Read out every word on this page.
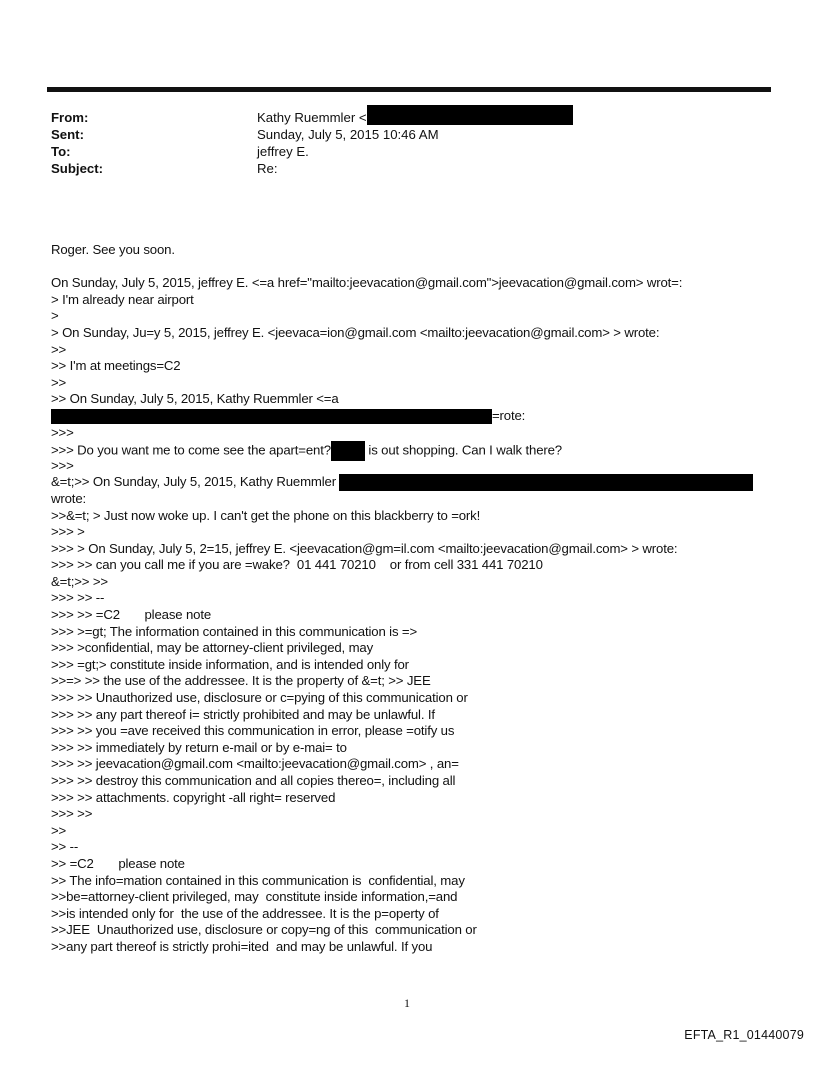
From:	Kathy Ruemmler <
Sent:	Sunday, July 5, 2015 10:46 AM
To:	jeffrey E.
Subject:	Re:
Roger. See you soon.
On Sunday, July 5, 2015, jeffrey E. <=a href="mailto:jeevacation@gmail.com">jeevacation@gmail.com> wrot=:
> I'm already near airport
>
> On Sunday, Ju=y 5, 2015, jeffrey E. <jeevaca=ion@gmail.com <mailto:jeevacation@gmail.com> > wrote:
>>
>> I'm at meetings=C2
>>
>> On Sunday, July 5, 2015, Kathy Ruemmler <=a
=rote:
>>>
>>> Do you want me to come see the apart=ent?	is out shopping. Can I walk there?
>>>
&=t;>> On Sunday, July 5, 2015, Kathy Ruemmler
wrote:
>>&=t; > Just now woke up. I can't get the phone on this blackberry to =ork!
>>> >
>>> > On Sunday, July 5, 2=15, jeffrey E. <jeevacation@gm=il.com <mailto:jeevacation@gmail.com> > wrote:
>>> >> can you call me if you are =wake?  01 441 70210    or from cell 331 441 70210
&=t;>> >>
>>> >> --
>>> >> =C2       please note
>>> >=gt; The information contained in this communication is =>
>>> >confidential, may be attorney-client privileged, may
>>> =gt;> constitute inside information, and is intended only for
>>=> >> the use of the addressee. It is the property of &=t; >> JEE
>>> >> Unauthorized use, disclosure or c=pying of this communication or
>>> >> any part thereof i= strictly prohibited and may be unlawful. If
>>> >> you =ave received this communication in error, please =otify us
>>> >> immediately by return e-mail or by e-mai= to
>>> >> jeevacation@gmail.com <mailto:jeevacation@gmail.com> , an=
>>> >> destroy this communication and all copies thereo=, including all
>>> >> attachments. copyright -all right= reserved
>>> >>
>>
>> --
>> =C2       please note
>> The info=mation contained in this communication is  confidential, may
>>be=attorney-client privileged, may  constitute inside information,=and
>>is intended only for  the use of the addressee. It is the p=operty of
>>JEE  Unauthorized use, disclosure or copy=ng of this  communication or
>>any part thereof is strictly prohi=ited  and may be unlawful. If you
1
EFTA_R1_01440079
